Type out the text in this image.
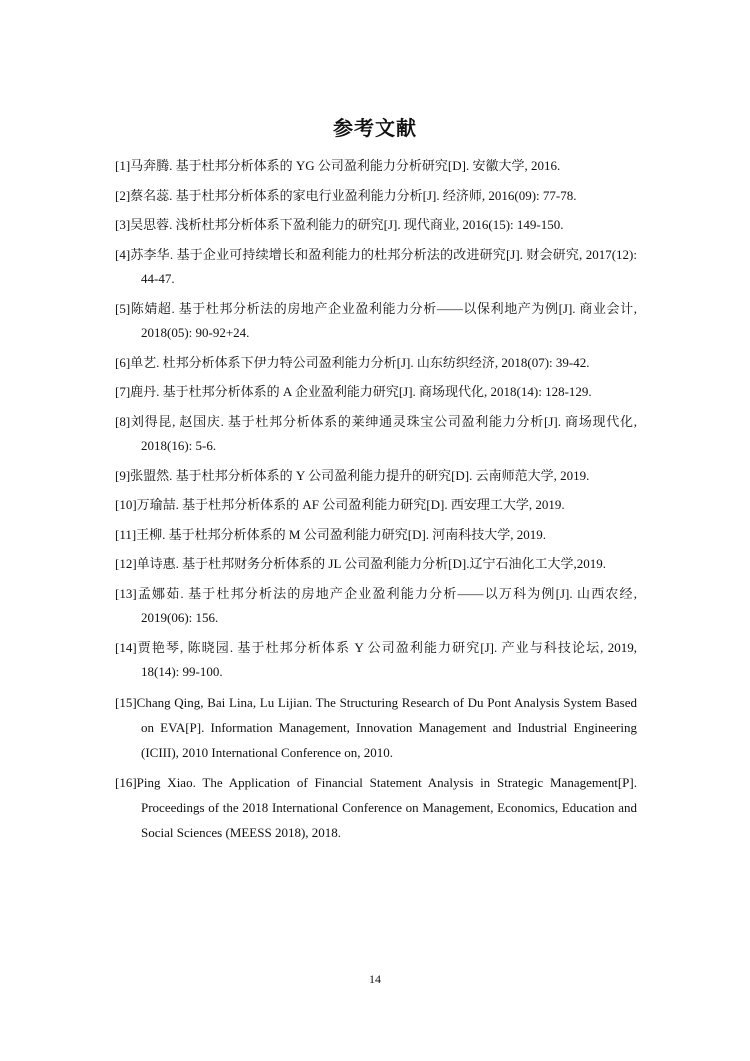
参考文献
[1]马奔腾. 基于杜邦分析体系的 YG 公司盈利能力分析研究[D]. 安徽大学, 2016.
[2]蔡名蕊. 基于杜邦分析体系的家电行业盈利能力分析[J]. 经济师, 2016(09): 77-78.
[3]吴思蓉. 浅析杜邦分析体系下盈利能力的研究[J]. 现代商业, 2016(15): 149-150.
[4]苏李华. 基于企业可持续增长和盈利能力的杜邦分析法的改进研究[J]. 财会研究, 2017(12): 44-47.
[5]陈婧超. 基于杜邦分析法的房地产企业盈利能力分析——以保利地产为例[J]. 商业会计, 2018(05): 90-92+24.
[6]单艺. 杜邦分析体系下伊力特公司盈利能力分析[J]. 山东纺织经济, 2018(07): 39-42.
[7]鹿丹. 基于杜邦分析体系的 A 企业盈利能力研究[J]. 商场现代化, 2018(14): 128-129.
[8]刘得昆, 赵国庆. 基于杜邦分析体系的莱绅通灵珠宝公司盈利能力分析[J]. 商场现代化, 2018(16): 5-6.
[9]张盟然. 基于杜邦分析体系的 Y 公司盈利能力提升的研究[D]. 云南师范大学, 2019.
[10]万瑜喆. 基于杜邦分析体系的 AF 公司盈利能力研究[D]. 西安理工大学, 2019.
[11]王柳. 基于杜邦分析体系的 M 公司盈利能力研究[D]. 河南科技大学, 2019.
[12]单诗惠. 基于杜邦财务分析体系的 JL 公司盈利能力分析[D].辽宁石油化工大学,2019.
[13]孟娜茹. 基于杜邦分析法的房地产企业盈利能力分析——以万科为例[J]. 山西农经, 2019(06): 156.
[14]贾艳琴, 陈晓园. 基于杜邦分析体系 Y 公司盈利能力研究[J]. 产业与科技论坛, 2019, 18(14): 99-100.
[15]Chang Qing, Bai Lina, Lu Lijian. The Structuring Research of Du Pont Analysis System Based on EVA[P]. Information Management, Innovation Management and Industrial Engineering (ICIII), 2010 International Conference on, 2010.
[16]Ping Xiao. The Application of Financial Statement Analysis in Strategic Management[P]. Proceedings of the 2018 International Conference on Management, Economics, Education and Social Sciences (MEESS 2018), 2018.
14
